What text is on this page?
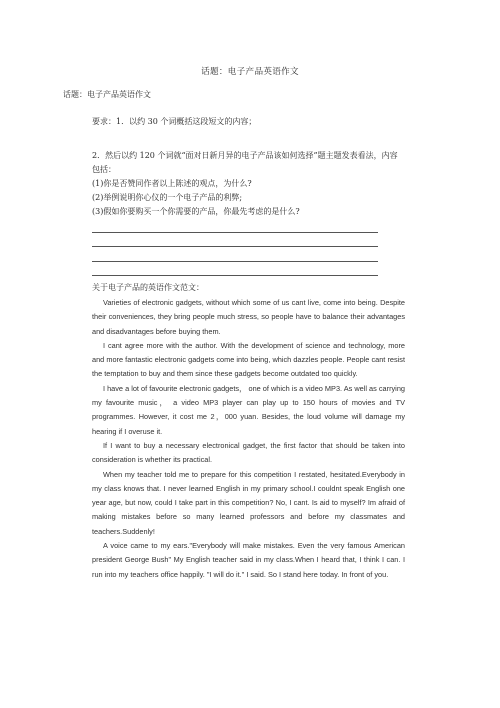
话题：电子产品英语作文
话题：电子产品英语作文
要求：1．以约 30 个词概括这段短文的内容；
2．然后以约 120 个词就“面对日新月异的电子产品该如何选择”题主题发表看法，内容
包括：
(1)你是否赞同作者以上陈述的观点，为什么?
(2)举例说明你心仪的一个电子产品的利弊;
(3)假如你要购买一个你需要的产品，你最先考虑的是什么?
关于电子产品的英语作文范文：

Varieties of electronic gadgets, without which some of us cant live, come into being. Despite their conveniences, they bring people much stress, so people have to balance their advantages and disadvantages before buying them.

I cant agree more with the author. With the development of science and technology, more and more fantastic electronic gadgets come into being, which dazzles people. People cant resist the temptation to buy and them since these gadgets become outdated too quickly.

I have a lot of favourite electronic gadgets， one of which is a video MP3. As well as carrying my favourite music， a video MP3 player can play up to 150 hours of movies and TV programmes. However, it cost me 2，000 yuan. Besides, the loud volume will damage my hearing if I overuse it.

If I want to buy a necessary electronical gadget, the first factor that should be taken into consideration is whether its practical.

When my teacher told me to prepare for this competition I restated, hesitated.Everybody in my class knows that. I never learned English in my primary school.I couldnt speak English one year age, but now, could I take part in this competition? No, I cant. Is aid to myself? Im afraid of making mistakes before so many learned professors and before my classmates and teachers.Suddenly!

A voice came to my ears."Everybody will make mistakes. Even the very famous American president George Bush" My English teacher said in my class.When I heard that, I think I can. I run into my teachers office happily. "I will do it." I said. So I stand here today. In front of you.
